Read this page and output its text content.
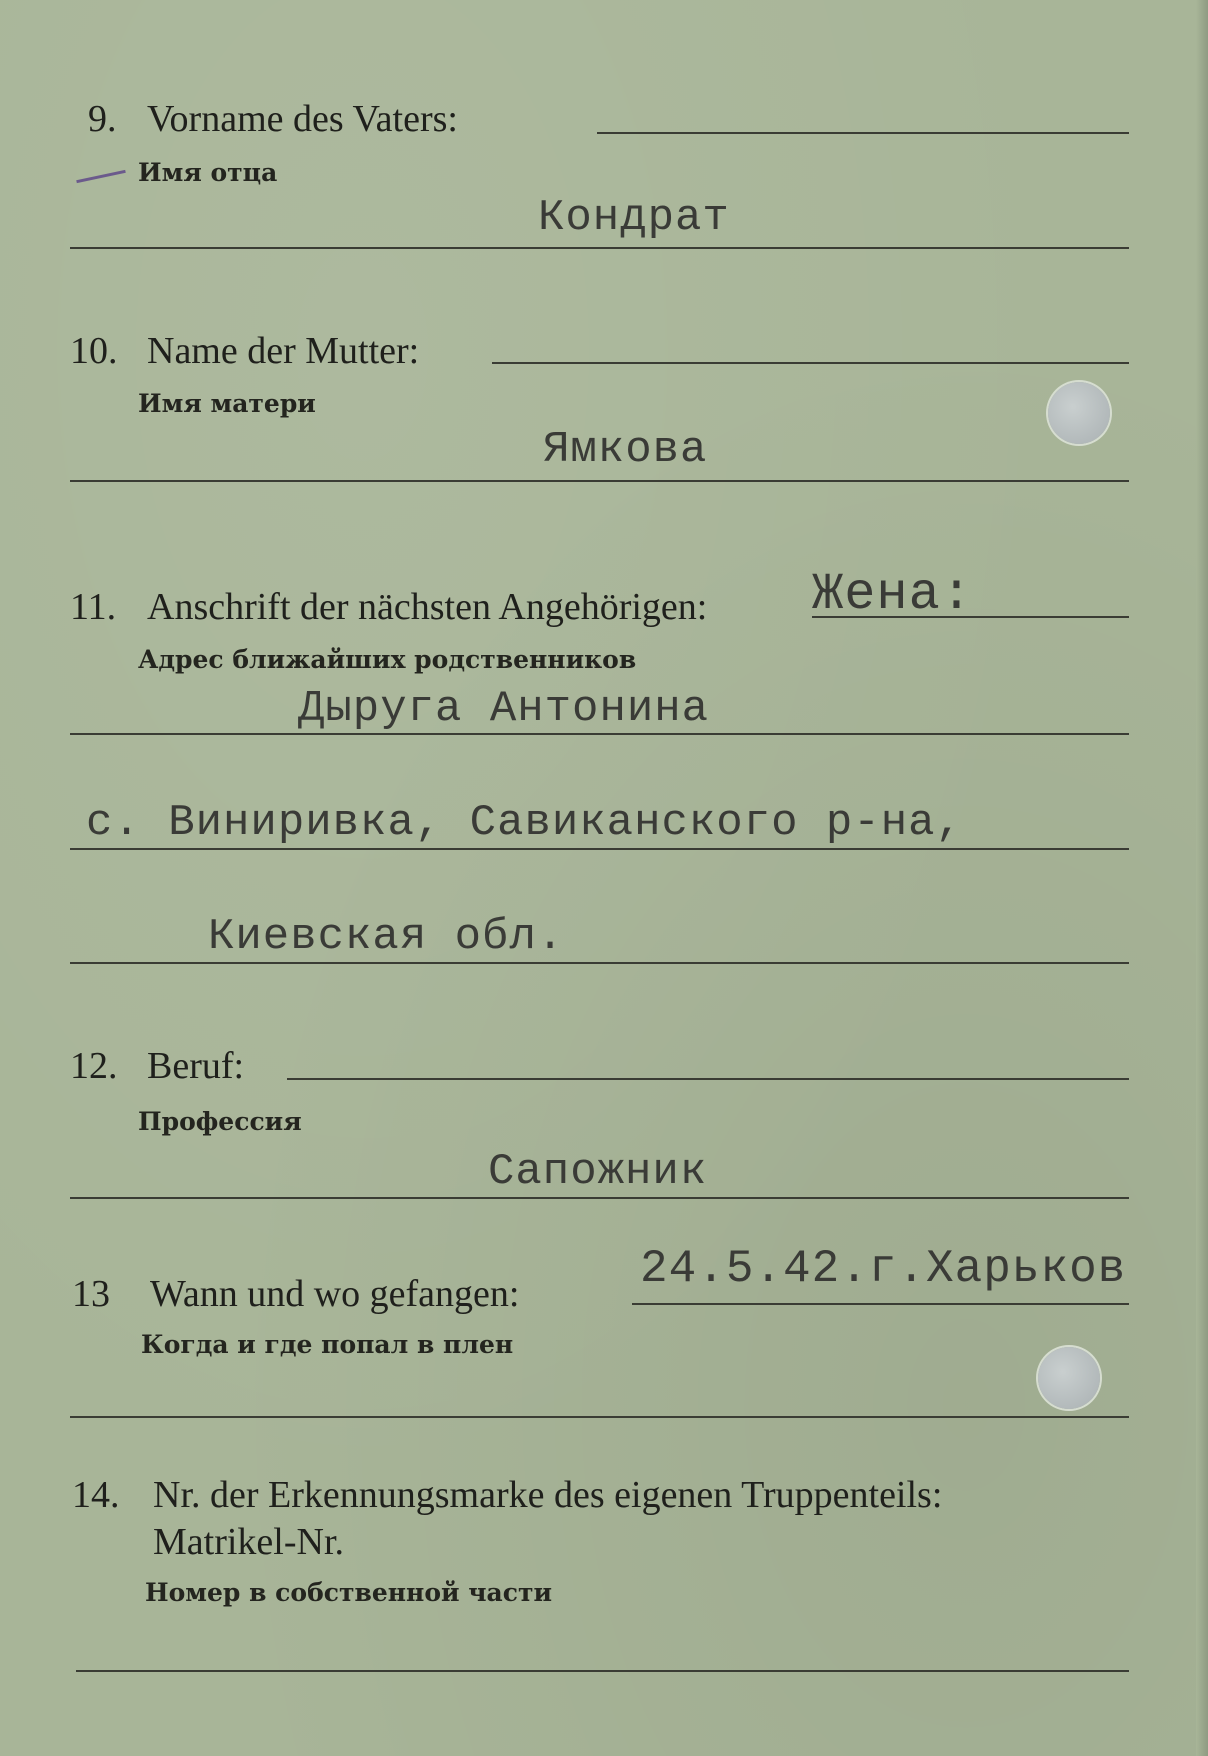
9. Vorname des Vaters:
Имя отца
Кондрат
10. Name der Mutter:
Имя матери
Ямкова
11. Anschrift der nächsten Angehörigen: Жена:
Адрес ближайших родственников
Дыруга Антонина
с. Виниривка, Савиканского р-на,
Киевская обл.
12. Beruf:
Профессия
Сапожник
13 Wann und wo gefangen:	24.5.42.г.Харьков
Когда и где попал в плен
14. Nr. der Erkennungsmarke des eigenen Truppenteils:
Matrikel-Nr.
Номер в собственной части
